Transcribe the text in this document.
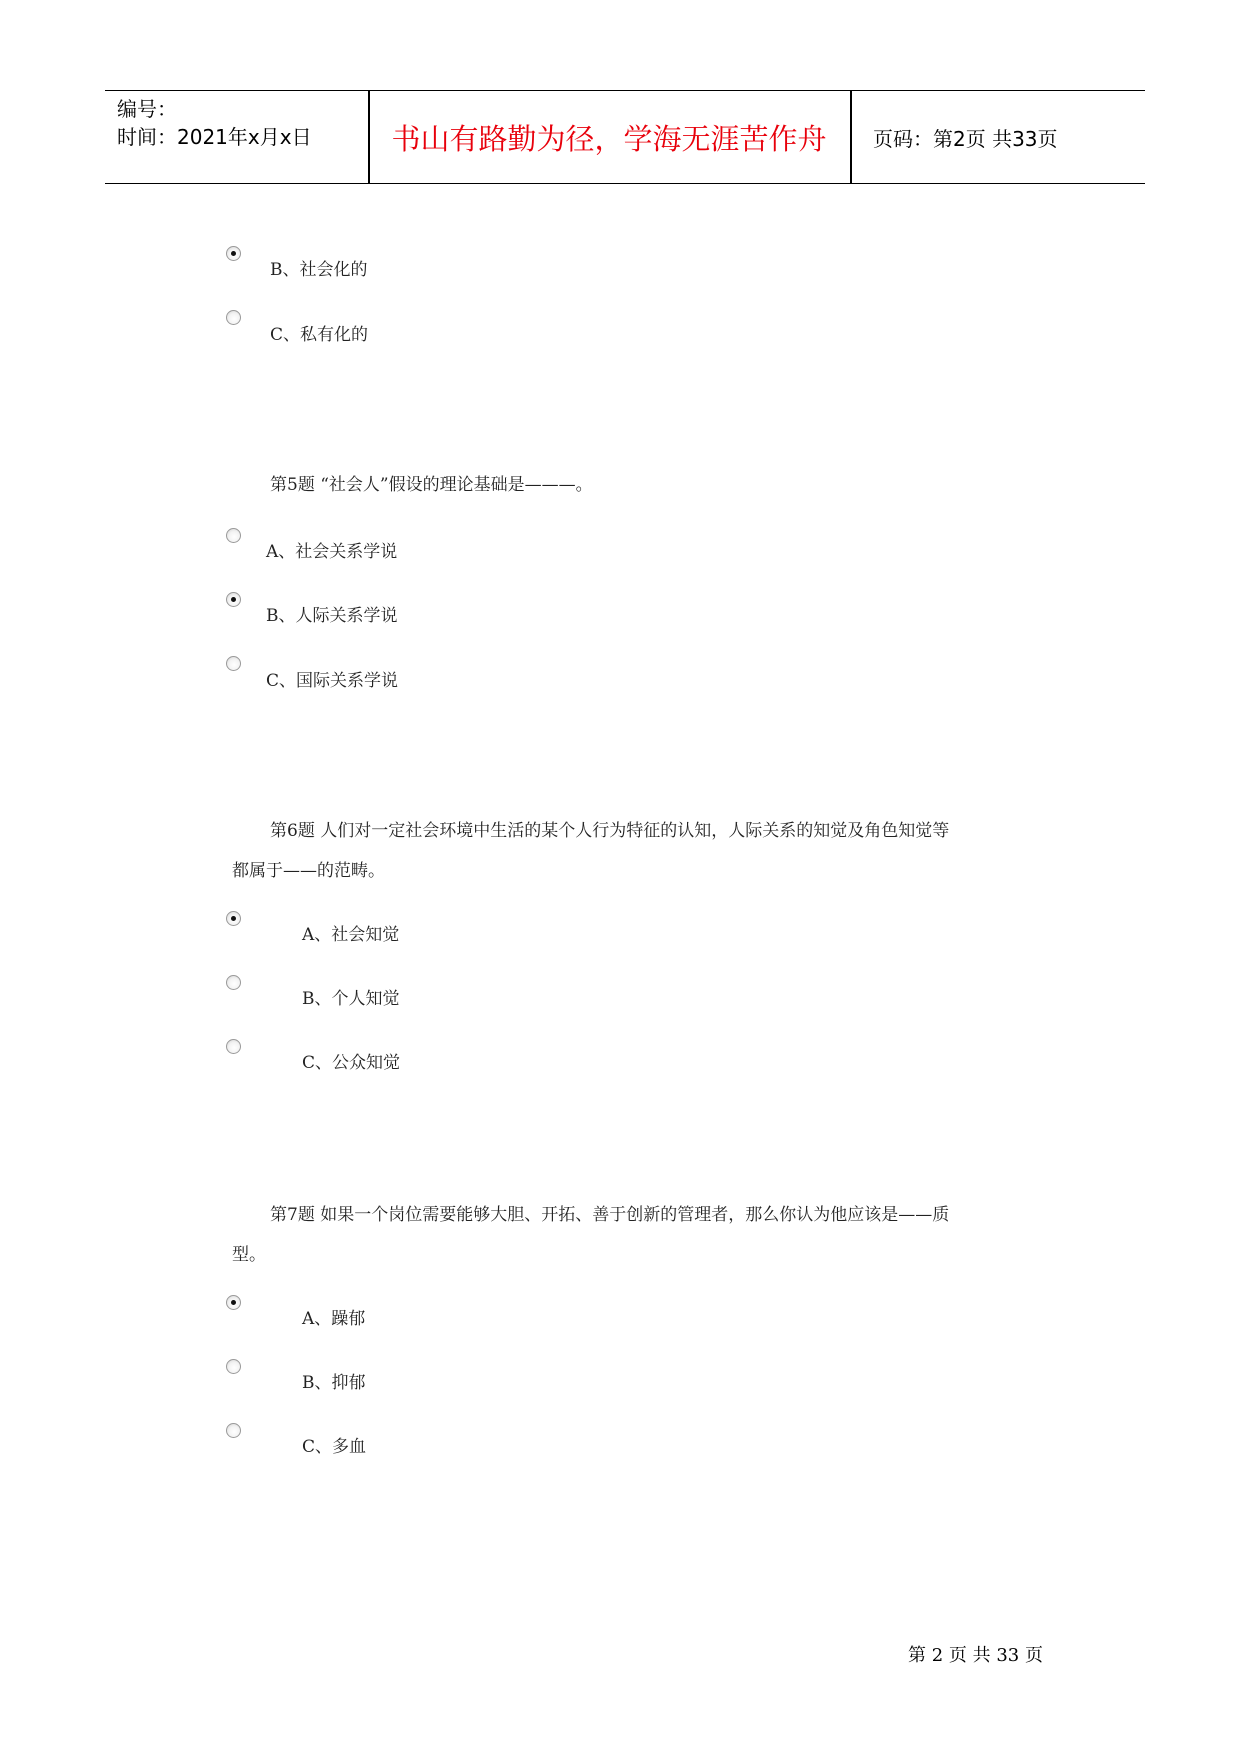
编号：
时间：2021年x月x日	书山有路勤为径，学海无涯苦作舟	页码：第2页 共33页
B、社会化的
C、私有化的
第5题 “社会人”假设的理论基础是———。
A、社会关系学说
B、人际关系学说
C、国际关系学说
第6题 人们对一定社会环境中生活的某个人行为特征的认知，人际关系的知觉及角色知觉等
都属于——的范畴。
A、社会知觉
B、个人知觉
C、公众知觉
第7题 如果一个岗位需要能够大胆、开拓、善于创新的管理者，那么你认为他应该是——质
型。
A、躁郁
B、抑郁
C、多血
第 2 页 共 33 页
